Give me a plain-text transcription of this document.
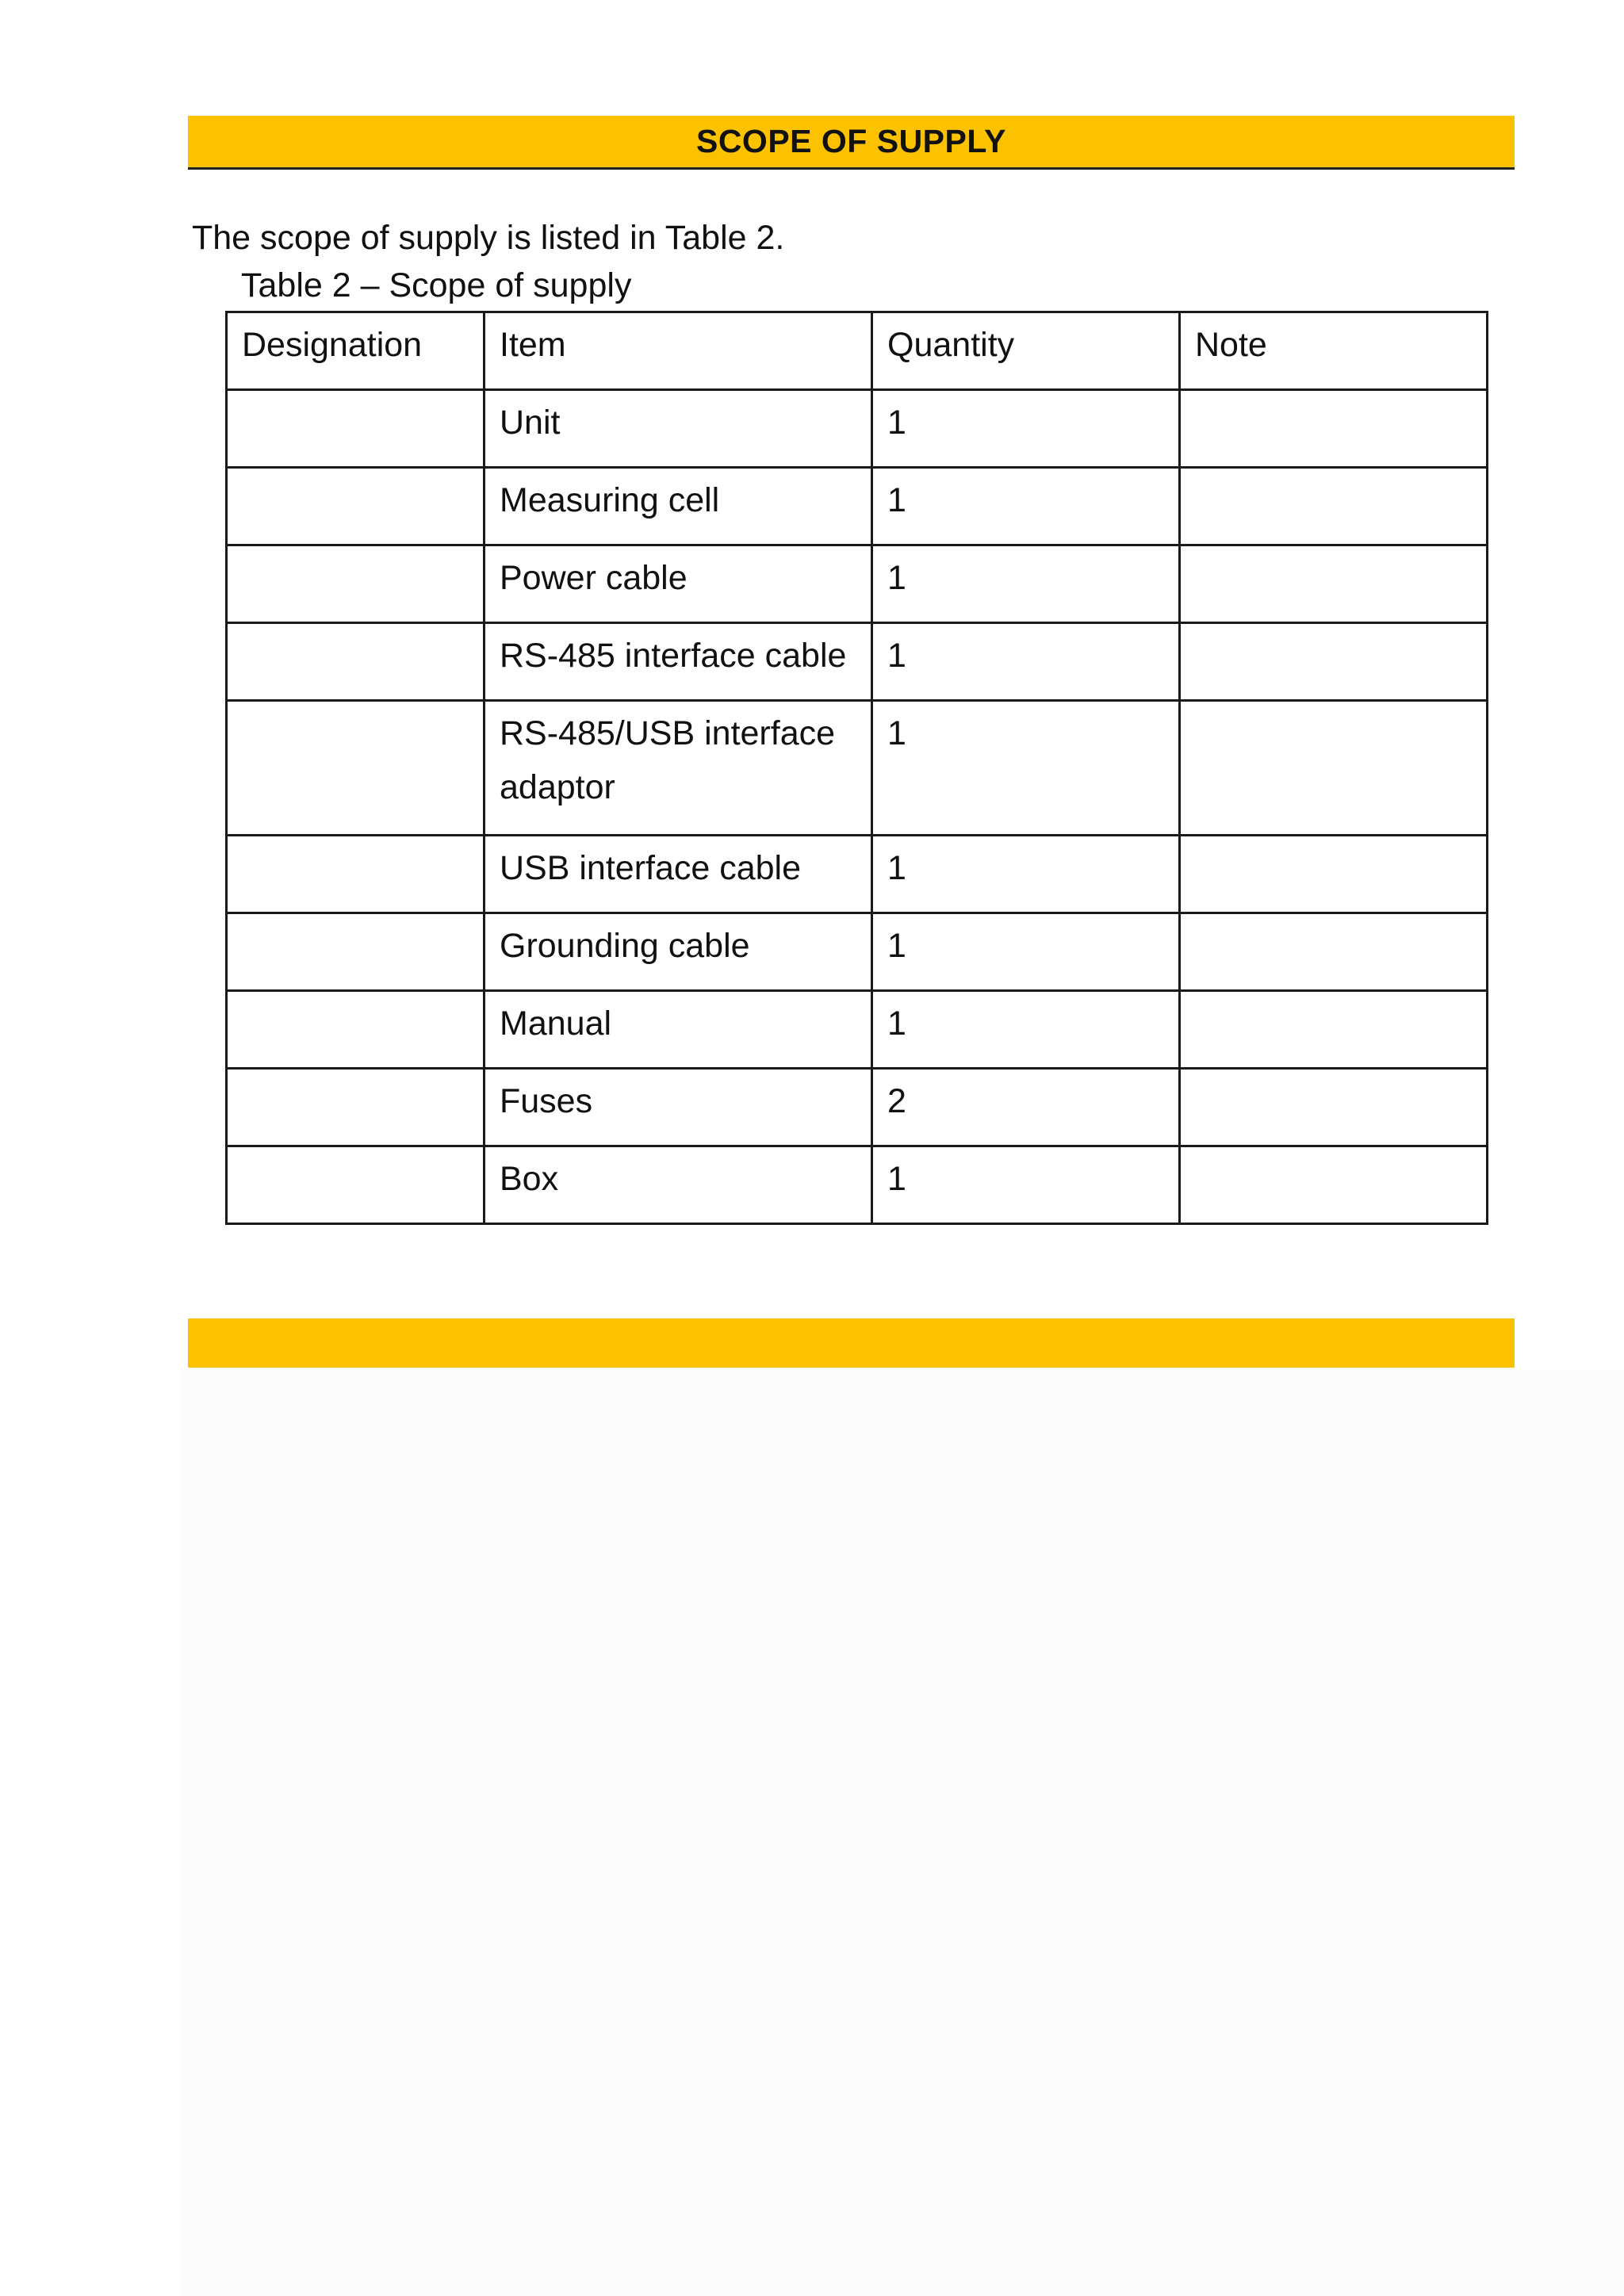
SCOPE OF SUPPLY
The scope of supply is listed in Table 2.
Table 2 – Scope of supply
Designation	Item	Quantity	Note
	Unit	1	
	Measuring cell	1	
	Power cable	1	
	RS-485 interface cable	1	
	RS-485/USB interface adaptor	1	
	USB interface cable	1	
	Grounding cable	1	
	Manual	1	
	Fuses	2	
	Box	1	
